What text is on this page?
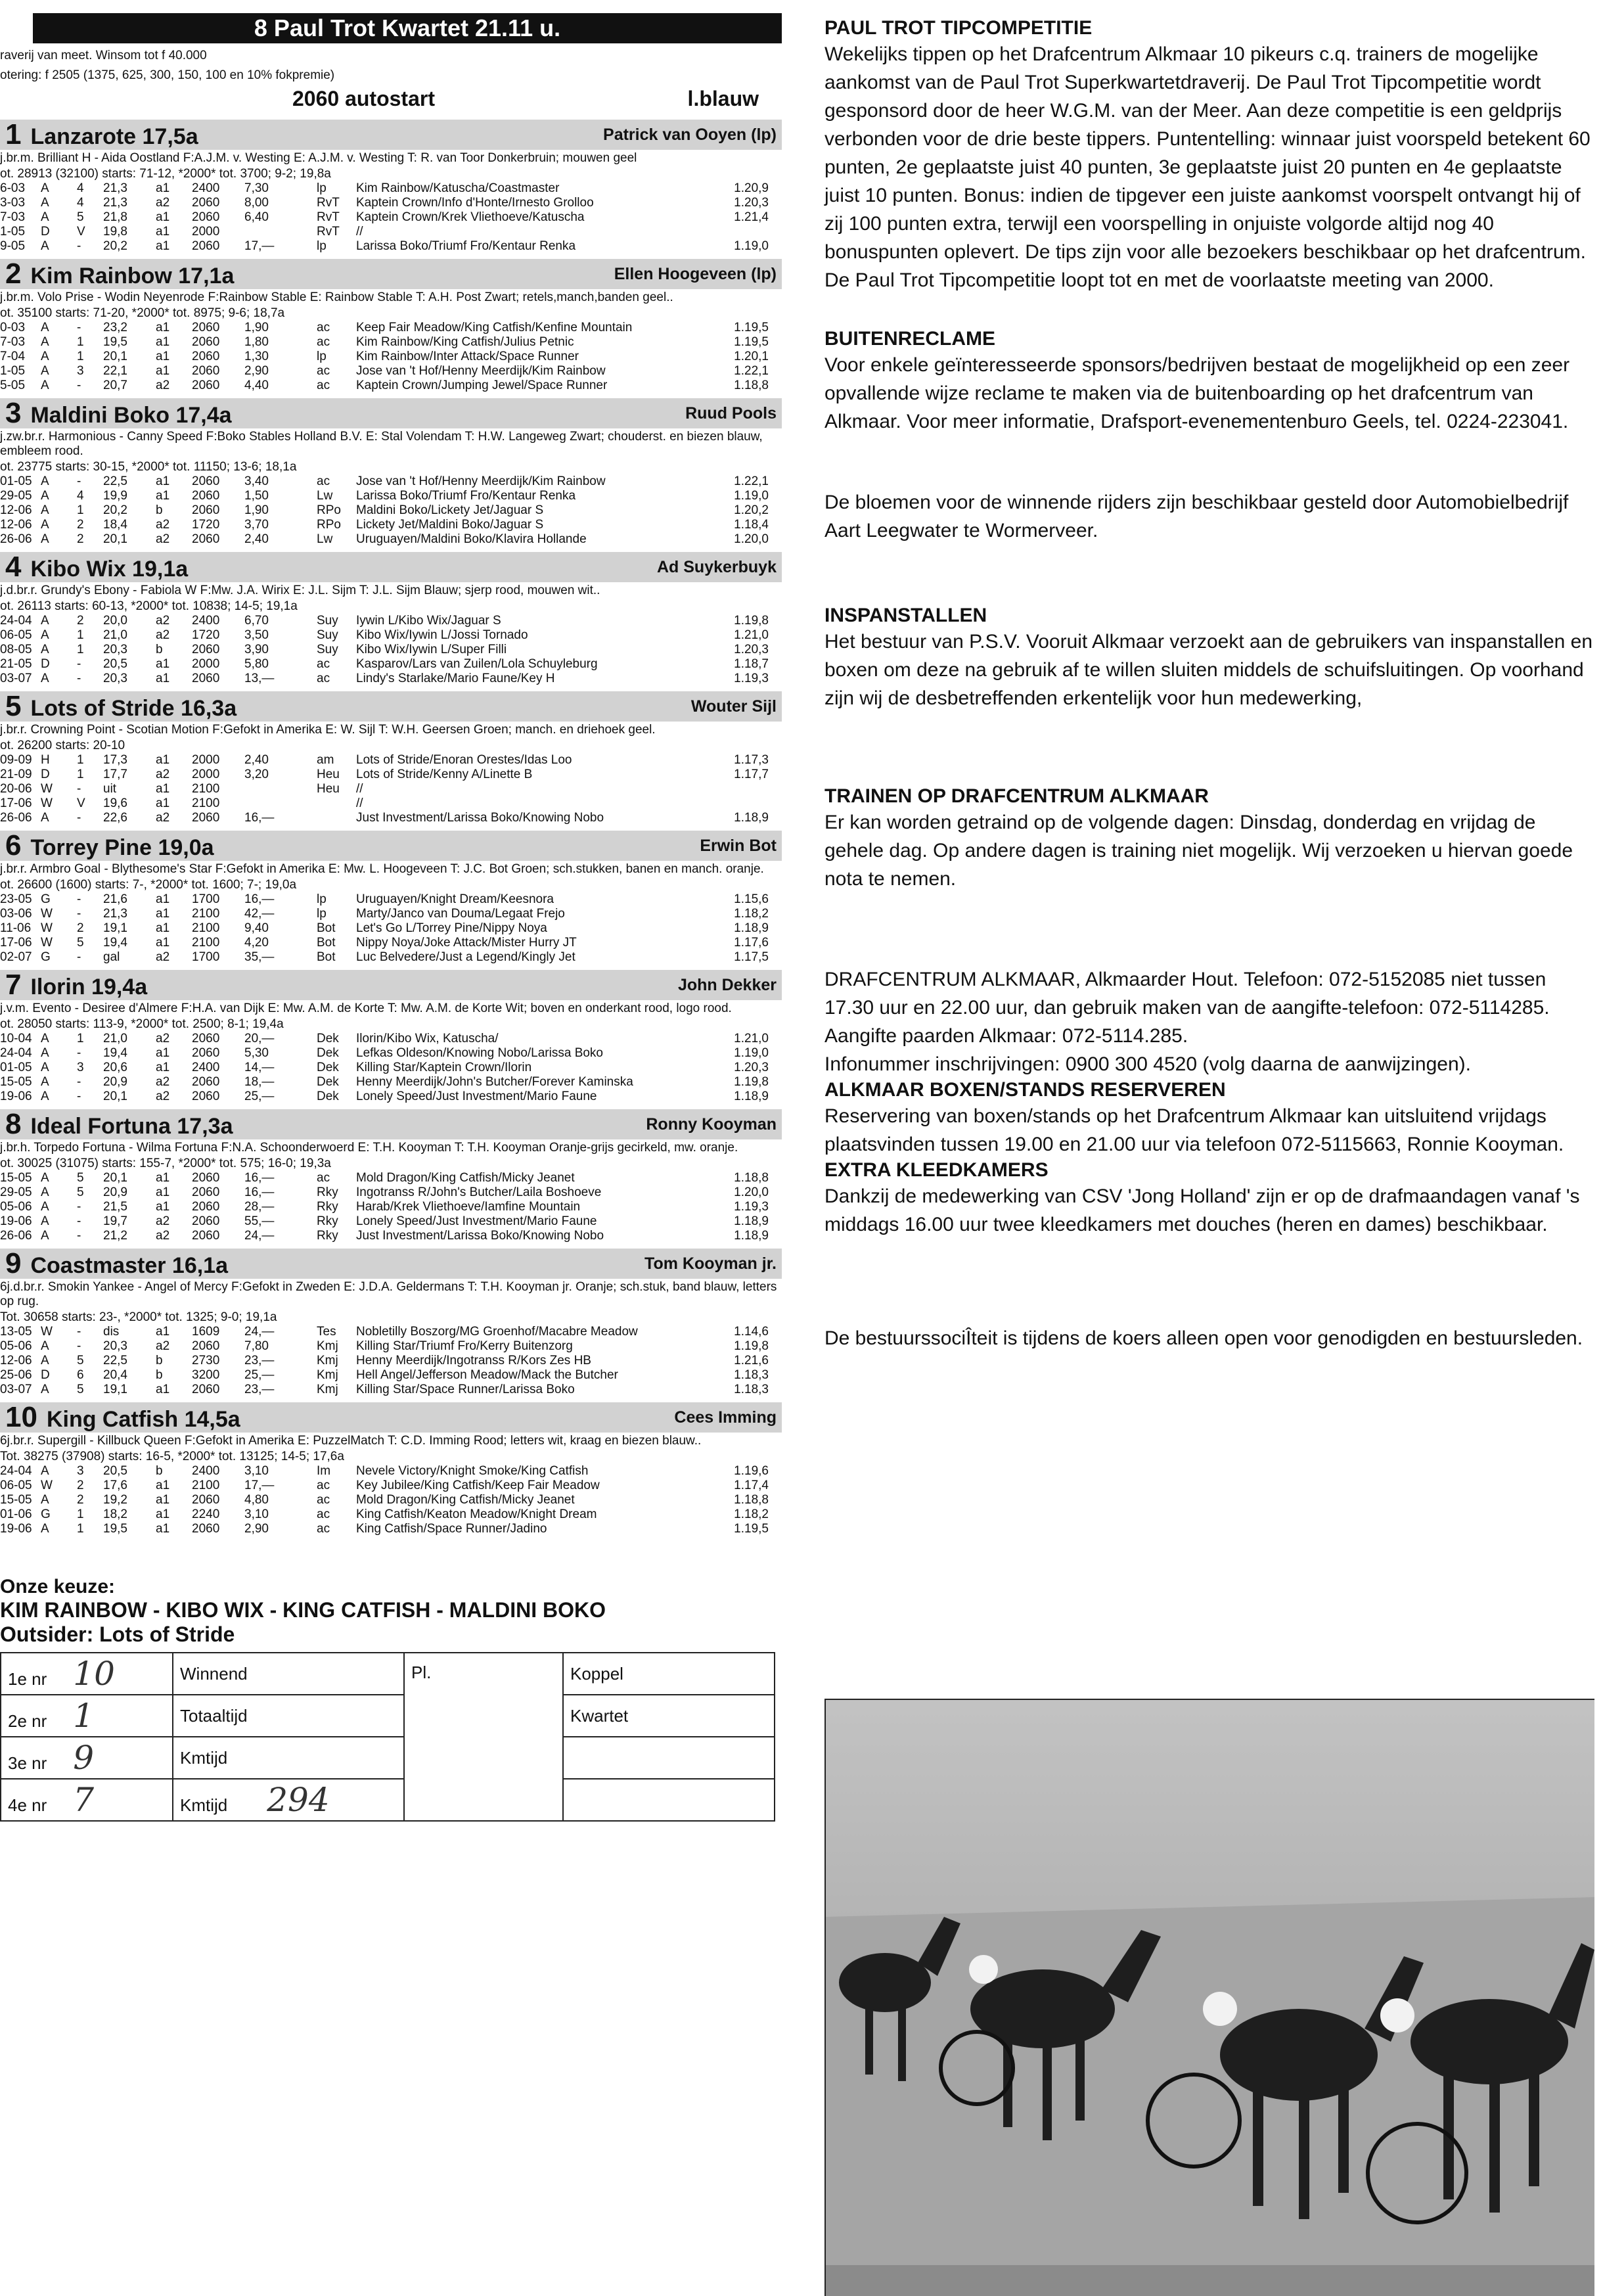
8 Paul Trot Kwartet 21.11 u.
raverij van meet. Winsom tot f 40.000
otering: f 2505 (1375, 625, 300, 150, 100 en 10% fokpremie)
2060 autostart	l.blauw
1 Lanzarote 17,5a	Patrick van Ooyen (lp)
j.br.m. Brilliant H - Aida Oostland F:A.J.M. v. Westing E: A.J.M. v. Westing T: R. van Toor Donkerbruin; mouwen geel
ot. 28913 (32100) starts: 71-12, *2000* tot. 3700; 9-2; 19,8a
6-03	A	4	21,3	a1	2400	7,30	lp	Kim Rainbow/Katuscha/Coastmaster	1.20,9
3-03	A	4	21,3	a2	2060	8,00	RvT	Kaptein Crown/Info d'Honte/Irnesto Grolloo	1.20,3
7-03	A	5	21,8	a1	2060	6,40	RvT	Kaptein Crown/Krek Vliethoeve/Katuscha	1.21,4
1-05	D	V	19,8	a1	2000		RvT	//	
9-05	A	-	20,2	a1	2060	17,—	lp	Larissa Boko/Triumf Fro/Kentaur Renka	1.19,0
2 Kim Rainbow 17,1a	Ellen Hoogeveen (lp)
j.br.m. Volo Prise - Wodin Neyenrode F:Rainbow Stable E: Rainbow Stable T: A.H. Post Zwart; retels,manch,banden geel..
ot. 35100 starts: 71-20, *2000* tot. 8975; 9-6; 18,7a
0-03	A	-	23,2	a1	2060	1,90	ac	Keep Fair Meadow/King Catfish/Kenfine Mountain	1.19,5
7-03	A	1	19,5	a1	2060	1,80	ac	Kim Rainbow/King Catfish/Julius Petnic	1.19,5
7-04	A	1	20,1	a1	2060	1,30	lp	Kim Rainbow/Inter Attack/Space Runner	1.20,1
1-05	A	3	22,1	a1	2060	2,90	ac	Jose van 't Hof/Henny Meerdijk/Kim Rainbow	1.22,1
5-05	A	-	20,7	a2	2060	4,40	ac	Kaptein Crown/Jumping Jewel/Space Runner	1.18,8
3 Maldini Boko 17,4a	Ruud Pools
j.zw.br.r. Harmonious - Canny Speed F:Boko Stables Holland B.V. E: Stal Volendam T: H.W. Langeweg Zwart; chouderst. en biezen blauw, embleem rood.
ot. 23775 starts: 30-15, *2000* tot. 11150; 13-6; 18,1a
01-05	A	-	22,5	a1	2060	3,40	ac	Jose van 't Hof/Henny Meerdijk/Kim Rainbow	1.22,1
29-05	A	4	19,9	a1	2060	1,50	Lw	Larissa Boko/Triumf Fro/Kentaur Renka	1.19,0
12-06	A	1	20,2	b	2060	1,90	RPo	Maldini Boko/Lickety Jet/Jaguar S	1.20,2
12-06	A	2	18,4	a2	1720	3,70	RPo	Lickety Jet/Maldini Boko/Jaguar S	1.18,4
26-06	A	2	20,1	a2	2060	2,40	Lw	Uruguayen/Maldini Boko/Klavira Hollande	1.20,0
4 Kibo Wix 19,1a	Ad Suykerbuyk
j.d.br.r. Grundy's Ebony - Fabiola W F:Mw. J.A. Wirix E: J.L. Sijm T: J.L. Sijm Blauw; sjerp rood, mouwen wit..
ot. 26113 starts: 60-13, *2000* tot. 10838; 14-5; 19,1a
24-04	A	2	20,0	a2	2400	6,70	Suy	Iywin L/Kibo Wix/Jaguar S	1.19,8
06-05	A	1	21,0	a2	1720	3,50	Suy	Kibo Wix/Iywin L/Jossi Tornado	1.21,0
08-05	A	1	20,3	b	2060	3,90	Suy	Kibo Wix/Iywin L/Super Filli	1.20,3
21-05	D	-	20,5	a1	2000	5,80	ac	Kasparov/Lars van Zuilen/Lola Schuyleburg	1.18,7
03-07	A	-	20,3	a1	2060	13,—	ac	Lindy's Starlake/Mario Faune/Key H	1.19,3
5 Lots of Stride 16,3a	Wouter Sijl
j.br.r. Crowning Point - Scotian Motion F:Gefokt in Amerika E: W. Sijl T: W.H. Geersen Groen; manch. en driehoek geel.
ot. 26200 starts: 20-10
09-09	H	1	17,3	a1	2000	2,40	am	Lots of Stride/Enoran Orestes/Idas Loo	1.17,3
21-09	D	1	17,7	a2	2000	3,20	Heu	Lots of Stride/Kenny A/Linette B	1.17,7
20-06	W	-	uit	a1	2100		Heu	//	
17-06	W	V	19,6	a1	2100			//	
26-06	A	-	22,6	a2	2060	16,—		Just Investment/Larissa Boko/Knowing Nobo	1.18,9
6 Torrey Pine 19,0a	Erwin Bot
j.br.r. Armbro Goal - Blythesome's Star F:Gefokt in Amerika E: Mw. L. Hoogeveen T: J.C. Bot Groen; sch.stukken, banen en manch. oranje.
ot. 26600 (1600) starts: 7-, *2000* tot. 1600; 7-; 19,0a
23-05	G	-	21,6	a1	1700	16,—	lp	Uruguayen/Knight Dream/Keesnora	1.15,6
03-06	W	-	21,3	a1	2100	42,—	lp	Marty/Janco van Douma/Legaat Frejo	1.18,2
11-06	W	2	19,1	a1	2100	9,40	Bot	Let's Go L/Torrey Pine/Nippy Noya	1.18,9
17-06	W	5	19,4	a1	2100	4,20	Bot	Nippy Noya/Joke Attack/Mister Hurry JT	1.17,6
02-07	G	-	gal	a2	1700	35,—	Bot	Luc Belvedere/Just a Legend/Kingly Jet	1.17,5
7 Ilorin 19,4a	John Dekker
j.v.m. Evento - Desiree d'Almere F:H.A. van Dijk E: Mw. A.M. de Korte T: Mw. A.M. de Korte Wit; boven en onderkant rood, logo rood.
ot. 28050 starts: 113-9, *2000* tot. 2500; 8-1; 19,4a
10-04	A	1	21,0	a2	2060	20,—	Dek	Ilorin/Kibo Wix, Katuscha/	1.21,0
24-04	A	-	19,4	a1	2060	5,30	Dek	Lefkas Oldeson/Knowing Nobo/Larissa Boko	1.19,0
01-05	A	3	20,6	a1	2400	14,—	Dek	Killing Star/Kaptein Crown/Ilorin	1.20,3
15-05	A	-	20,9	a2	2060	18,—	Dek	Henny Meerdijk/John's Butcher/Forever Kaminska	1.19,8
19-06	A	-	20,1	a2	2060	25,—	Dek	Lonely Speed/Just Investment/Mario Faune	1.18,9
8 Ideal Fortuna 17,3a	Ronny Kooyman
j.br.h. Torpedo Fortuna - Wilma Fortuna F:N.A. Schoonderwoerd E: T.H. Kooyman T: T.H. Kooyman Oranje-grijs gecirkeld, mw. oranje.
ot. 30025 (31075) starts: 155-7, *2000* tot. 575; 16-0; 19,3a
15-05	A	5	20,1	a1	2060	16,—	ac	Mold Dragon/King Catfish/Micky Jeanet	1.18,8
29-05	A	5	20,9	a1	2060	16,—	Rky	Ingotranss R/John's Butcher/Laila Boshoeve	1.20,0
05-06	A	-	21,5	a1	2060	28,—	Rky	Harab/Krek Vliethoeve/Iamfine Mountain	1.19,3
19-06	A	-	19,7	a2	2060	55,—	Rky	Lonely Speed/Just Investment/Mario Faune	1.18,9
26-06	A	-	21,2	a2	2060	24,—	Rky	Just Investment/Larissa Boko/Knowing Nobo	1.18,9
9 Coastmaster 16,1a	Tom Kooyman jr.
6j.d.br.r. Smokin Yankee - Angel of Mercy F:Gefokt in Zweden E: J.D.A. Geldermans T: T.H. Kooyman jr. Oranje; sch.stuk, band blauw, letters op rug.
Tot. 30658 starts: 23-, *2000* tot. 1325; 9-0; 19,1a
13-05	W	-	dis	a1	1609	24,—	Tes	Nobletilly Boszorg/MG Groenhof/Macabre Meadow	1.14,6
05-06	A	-	20,3	a2	2060	7,80	Kmj	Killing Star/Triumf Fro/Kerry Buitenzorg	1.19,8
12-06	A	5	22,5	b	2730	23,—	Kmj	Henny Meerdijk/Ingotranss R/Kors Zes HB	1.21,6
25-06	D	6	20,4	b	3200	25,—	Kmj	Hell Angel/Jefferson Meadow/Mack the Butcher	1.18,3
03-07	A	5	19,1	a1	2060	23,—	Kmj	Killing Star/Space Runner/Larissa Boko	1.18,3
10 King Catfish 14,5a	Cees Imming
6j.br.r. Supergill - Killbuck Queen F:Gefokt in Amerika E: PuzzelMatch T: C.D. Imming Rood; letters wit, kraag en biezen blauw..
Tot. 38275 (37908) starts: 16-5, *2000* tot. 13125; 14-5; 17,6a
24-04	A	3	20,5	b	2400	3,10	Im	Nevele Victory/Knight Smoke/King Catfish	1.19,6
06-05	W	2	17,6	a1	2100	17,—	ac	Key Jubilee/King Catfish/Keep Fair Meadow	1.17,4
15-05	A	2	19,2	a1	2060	4,80	ac	Mold Dragon/King Catfish/Micky Jeanet	1.18,8
01-06	G	1	18,2	a1	2240	3,10	ac	King Catfish/Keaton Meadow/Knight Dream	1.18,2
19-06	A	1	19,5	a1	2060	2,90	ac	King Catfish/Space Runner/Jadino	1.19,5
Onze keuze:
KIM RAINBOW - KIBO WIX - KING CATFISH - MALDINI BOKO
Outsider: Lots of Stride
1e nr 10	Winnend	Pl.	Koppel
2e nr 1	Totaaltijd		Kwartet
3e nr 9	Kmtijd		
4e nr 7	Kmtijd 294		
PAUL TROT TIPCOMPETITIE
Wekelijks tippen op het Drafcentrum Alkmaar 10 pikeurs c.q. trainers de mogelijke aankomst van de Paul Trot Superkwartetdraverij. De Paul Trot Tipcompetitie wordt gesponsord door de heer W.G.M. van der Meer. Aan deze competitie is een geldprijs verbonden voor de drie beste tippers. Puntentelling: winnaar juist voorspeld betekent 60 punten, 2e geplaatste juist 40 punten, 3e geplaatste juist 20 punten en 4e geplaatste juist 10 punten. Bonus: indien de tipgever een juiste aankomst voorspelt ontvangt hij of zij 100 punten extra, terwijl een voorspelling in onjuiste volgorde altijd nog 40 bonuspunten oplevert. De tips zijn voor alle bezoekers beschikbaar op het drafcentrum. De Paul Trot Tipcompetitie loopt tot en met de voorlaatste meeting van 2000.
BUITENRECLAME
Voor enkele geïnteresseerde sponsors/bedrijven bestaat de mogelijkheid op een zeer opvallende wijze reclame te maken via de buitenboarding op het drafcentrum van Alkmaar. Voor meer informatie, Drafsport-evenementenburo Geels, tel. 0224-223041.
De bloemen voor de winnende rijders zijn beschikbaar gesteld door Automobielbedrijf Aart Leegwater te Wormerveer.
INSPANSTALLEN
Het bestuur van P.S.V. Vooruit Alkmaar verzoekt aan de gebruikers van inspanstallen en boxen om deze na gebruik af te willen sluiten middels de schuifsluitingen. Op voorhand zijn wij de desbetreffenden erkentelijk voor hun medewerking,
TRAINEN OP DRAFCENTRUM ALKMAAR
Er kan worden getraind op de volgende dagen: Dinsdag, donderdag en vrijdag de gehele dag. Op andere dagen is training niet mogelijk. Wij verzoeken u hiervan goede nota te nemen.
DRAFCENTRUM ALKMAAR, Alkmaarder Hout. Telefoon: 072-5152085 niet tussen 17.30 uur en 22.00 uur, dan gebruik maken van de aangifte-telefoon: 072-5114285.
Aangifte paarden Alkmaar: 072-5114.285.
Infonummer inschrijvingen: 0900 300 4520 (volg daarna de aanwijzingen).
ALKMAAR BOXEN/STANDS RESERVEREN
Reservering van boxen/stands op het Drafcentrum Alkmaar kan uitsluitend vrijdags plaatsvinden tussen 19.00 en 21.00 uur via telefoon 072-5115663, Ronnie Kooyman.
EXTRA KLEEDKAMERS
Dankzij de medewerking van CSV 'Jong Holland' zijn er op de drafmaandagen vanaf 's middags 16.00 uur twee kleedkamers met douches (heren en dames) beschikbaar.
De bestuurssociÎteit is tijdens de koers alleen open voor genodigden en bestuursleden.
